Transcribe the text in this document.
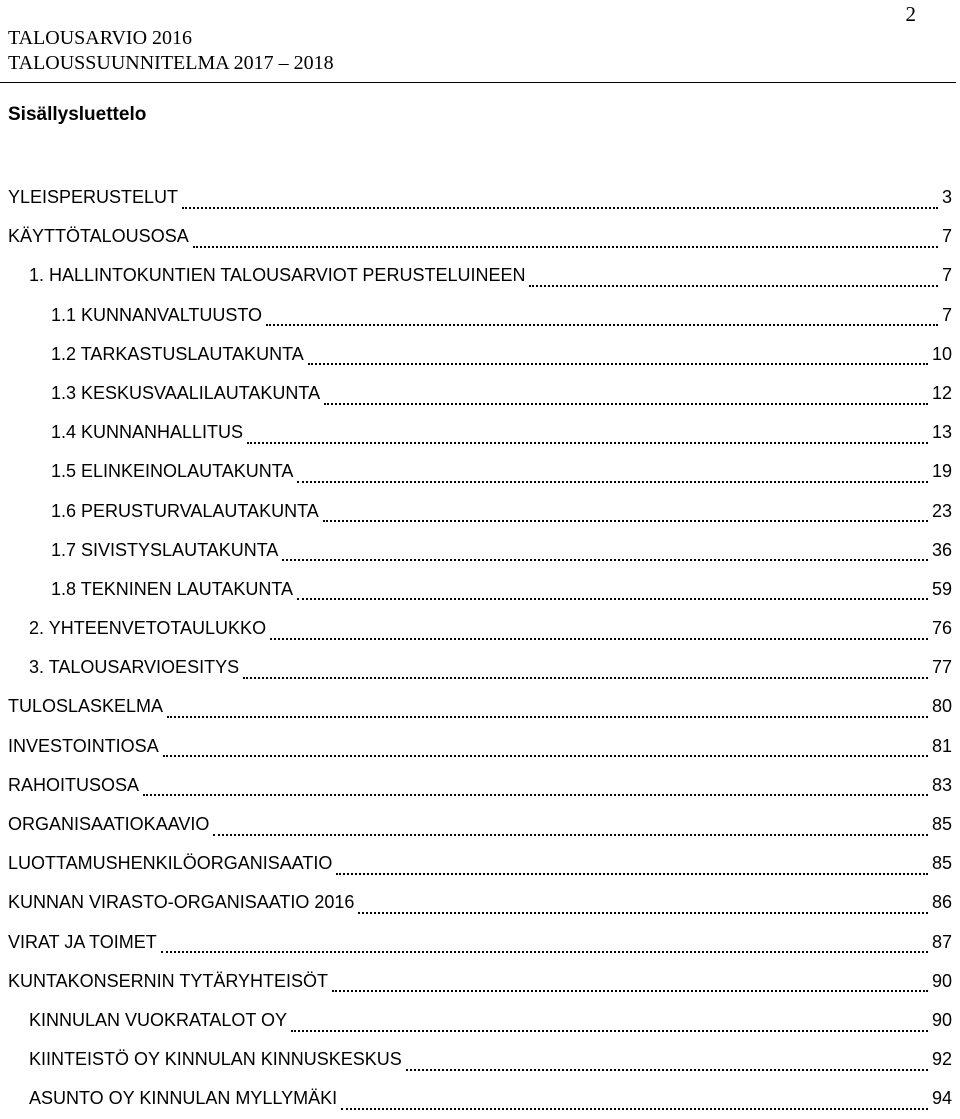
2
TALOUSARVIO 2016
TALOUSSUUNNITELMA 2017 – 2018
Sisällysluettelo
YLEISPERUSTELUT	3
KÄYTTÖTALOUSOSA	7
1. HALLINTOKUNTIEN TALOUSARVIOT PERUSTELUINEEN	7
1.1 KUNNANVALTUUSTO	7
1.2 TARKASTUSLAUTAKUNTA	10
1.3 KESKUSVAALILAUTAKUNTA	12
1.4 KUNNANHALLITUS	13
1.5 ELINKEINOLAUTAKUNTA	19
1.6 PERUSTURVALAUTAKUNTA	23
1.7 SIVISTYSLAUTAKUNTA	36
1.8 TEKNINEN LAUTAKUNTA	59
2. YHTEENVETOTAULUKKO	76
3. TALOUSARVIOESITYS	77
TULOSLASKELMA	80
INVESTOINTIOSA	81
RAHOITUSOSA	83
ORGANISAATIOKAAVIO	85
LUOTTAMUSHENKILÖORGANISAATIO	85
KUNNAN VIRASTO-ORGANISAATIO 2016	86
VIRAT JA TOIMET	87
KUNTAKONSERNIN TYTÄRYHTEISÖT	90
KINNULAN VUOKRATALOT OY	90
KIINTEISTÖ OY KINNULAN KINNUSKESKUS	92
ASUNTO OY KINNULAN MYLLYMÄKI	94
